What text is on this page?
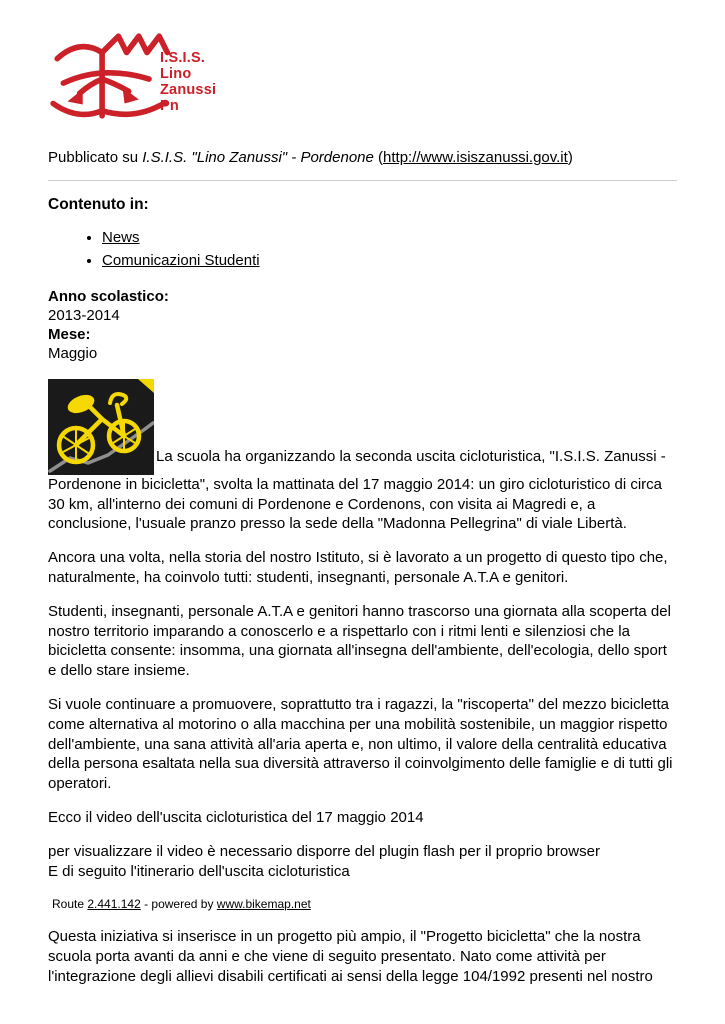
I.S.I.S.
Lino
Zanussi
Pn

Pubblicato su I.S.I.S. "Lino Zanussi" - Pordenone (http://www.isiszanussi.gov.it)

Contenuto in:
• News
• Comunicazioni Studenti
Anno scolastico:
2013-2014
Mese:
Maggio

La scuola ha organizzando la seconda uscita cicloturistica, "I.S.I.S. Zanussi - Pordenone in bicicletta", svolta la mattinata del 17 maggio 2014: un giro cicloturistico di circa 30 km, all'interno dei comuni di Pordenone e Cordenons, con visita ai Magredi e, a conclusione, l'usuale pranzo presso la sede della "Madonna Pellegrina" di viale Libertà.

Ancora una volta, nella storia del nostro Istituto, si è lavorato a un progetto di questo tipo che, naturalmente, ha coinvolo tutti: studenti, insegnanti, personale A.T.A e genitori.

Studenti, insegnanti, personale A.T.A e genitori hanno trascorso una giornata alla scoperta del nostro territorio imparando a conoscerlo e a rispettarlo con i ritmi lenti e silenziosi che la bicicletta consente: insomma, una giornata all'insegna dell'ambiente, dell'ecologia, dello sport e dello stare insieme.

Si vuole continuare a promuovere, soprattutto tra i ragazzi, la "riscoperta" del mezzo bicicletta come alternativa al motorino o alla macchina per una mobilità sostenibile, un maggior rispetto dell'ambiente, una sana attività all'aria aperta e, non ultimo, il valore della centralità educativa della persona esaltata nella sua diversità attraverso il coinvolgimento delle famiglie e di tutti gli operatori.

Ecco il video dell'uscita cicloturistica del 17 maggio 2014

per visualizzare il video è necessario disporre del plugin flash per il proprio browser
E di seguito l'itinerario dell'uscita cicloturistica

Route 2.441.142 - powered by www.bikemap.net

Questa iniziativa si inserisce in un progetto più ampio, il "Progetto bicicletta" che la nostra scuola porta avanti da anni e che viene di seguito presentato. Nato come attività per l'integrazione degli allievi disabili certificati ai sensi della legge 104/1992 presenti nel nostro
